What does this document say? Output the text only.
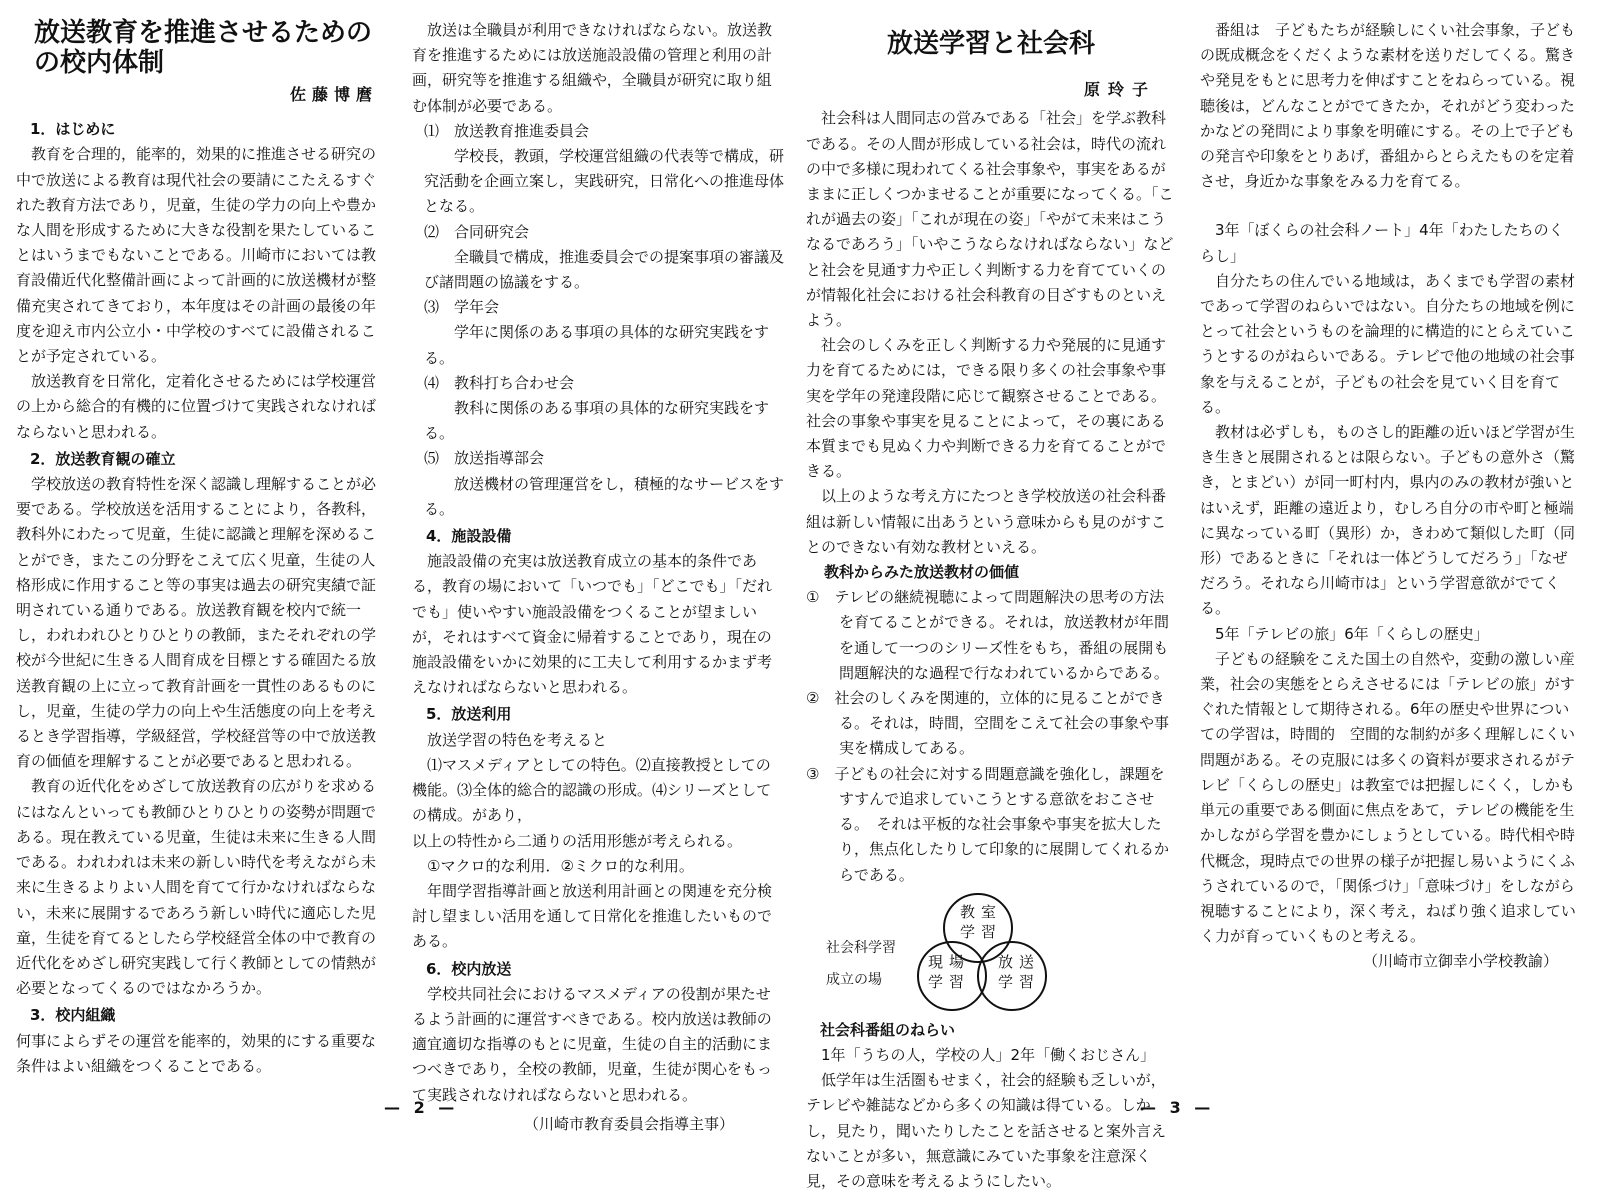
放送教育を推進させるための
の校内体制
佐藤博麿
1．はじめに

教育を合理的，能率的，効果的に推進させる研究の中で放送による教育は現代社会の要請にこたえるすぐれた教育方法であり，児童，生徒の学力の向上や豊かな人間を形成するために大きな役割を果たしていることはいうまでもないことである。川崎市においては教育設備近代化整備計画によって計画的に放送機材が整備充実されてきており，本年度はその計画の最後の年度を迎え市内公立小・中学校のすべてに設備されることが予定されている。

放送教育を日常化，定着化させるためには学校運営の上から総合的有機的に位置づけて実践されなければならないと思われる。

2．放送教育観の確立

学校放送の教育特性を深く認識し理解することが必要である。学校放送を活用することにより，各教科，教科外にわたって児童，生徒に認識と理解を深めることができ，またこの分野をこえて広く児童，生徒の人格形成に作用すること等の事実は過去の研究実績で証明されている通りである。放送教育観を校内で統一し，われわれひとりひとりの教師，またそれぞれの学校が今世紀に生きる人間育成を目標とする確固たる放送教育観の上に立って教育計画を一貫性のあるものにし，児童，生徒の学力の向上や生活態度の向上を考えるとき学習指導，学級経営，学校経営等の中で放送教育の価値を理解することが必要であると思われる。

教育の近代化をめざして放送教育の広がりを求めるにはなんといっても教師ひとりひとりの姿勢が問題である。現在教えている児童，生徒は未来に生きる人間である。われわれは未来の新しい時代を考えながら未来に生きるよりよい人間を育てて行かなければならない，未来に展開するであろう新しい時代に適応した児童，生徒を育てるとしたら学校経営全体の中で教育の近代化をめざし研究実践して行く教師としての情熱が必要となってくるのではなかろうか。

3．校内組織

何事によらずその運営を能率的，効果的にする重要な条件はよい組織をつくることである。

放送は全職員が利用できなければならない。放送教育を推進するためには放送施設設備の管理と利用の計画，研究等を推進する組織や，全職員が研究に取り組む体制が必要である。

⑴　放送教育推進委員会

学校長，教頭，学校運営組織の代表等で構成，研究活動を企画立案し，実践研究，日常化への推進母体となる。

⑵　合同研究会

全職員で構成，推進委員会での提案事項の審議及び諸問題の協議をする。

⑶　学年会

学年に関係のある事項の具体的な研究実践をする。

⑷　教科打ち合わせ会

教科に関係のある事項の具体的な研究実践をする。

⑸　放送指導部会

放送機材の管理運営をし，積極的なサービスをする。

4．施設設備

施設設備の充実は放送教育成立の基本的条件である，教育の場において「いつでも」「どこでも」「だれでも」使いやすい施設設備をつくることが望ましいが，それはすべて資金に帰着することであり，現在の施設設備をいかに効果的に工夫して利用するかまず考えなければならないと思われる。

5．放送利用

放送学習の特色を考えると

⑴マスメディアとしての特色。⑵直接教授としての機能。⑶全体的総合的認識の形成。⑷シリーズとしての構成。があり，

以上の特性から二通りの活用形態が考えられる。

①マクロ的な利用．②ミクロ的な利用。

年間学習指導計画と放送利用計画との関連を充分検討し望ましい活用を通して日常化を推進したいものである。

6．校内放送

学校共同社会におけるマスメディアの役割が果たせるよう計画的に運営すべきである。校内放送は教師の適宜適切な指導のもとに児童，生徒の自主的活動にまつべきであり，全校の教師，児童，生徒が関心をもって実践されなければならないと思われる。

（川崎市教育委員会指導主事）
— 2 —
放送学習と社会科
原玲子

社会科は人間同志の営みである「社会」を学ぶ教科である。その人間が形成している社会は，時代の流れの中で多様に現われてくる社会事象や，事実をあるがままに正しくつかませることが重要になってくる。「これが過去の姿」「これが現在の姿」「やがて未来はこうなるであろう」「いやこうならなければならない」などと社会を見通す力や正しく判断する力を育てていくのが情報化社会における社会科教育の目ざすものといえよう。

社会のしくみを正しく判断する力や発展的に見通す力を育てるためには，できる限り多くの社会事象や事実を学年の発達段階に応じて観察させることである。社会の事象や事実を見ることによって，その裏にある本質までも見ぬく力や判断できる力を育てることができる。

以上のような考え方にたつとき学校放送の社会科番組は新しい情報に出あうという意味からも見のがすことのできない有効な教材といえる。

教科からみた放送教材の価値

①　テレビの継続視聴によって問題解決の思考の方法を育てることができる。それは，放送教材が年間を通して一つのシリーズ性をもち，番組の展開も問題解決的な過程で行なわれているからである。

②　社会のしくみを関連的，立体的に見ることができる。それは，時間，空間をこえて社会の事象や事実を構成してある。

③　子どもの社会に対する問題意識を強化し，課題をすすんで追求していこうとする意欲をおこさせる。　それは平板的な社会事象や事実を拡大したり，焦点化したりして印象的に展開してくれるからである。

社会科学習
成立の場
教室学習
現場学習
放送学習
社会科番組のねらい

1年「うちの人，学校の人」2年「働くおじさん」

低学年は生活圏もせまく，社会的経験も乏しいが，テレビや雑誌などから多くの知識は得ている。しかし，見たり，聞いたりしたことを話させると案外言えないことが多い，無意識にみていた事象を注意深く見，その意味を考えるようにしたい。

番組は　子どもたちが経験しにくい社会事象，子どもの既成概念をくだくような素材を送りだしてくる。驚きや発見をもとに思考力を伸ばすことをねらっている。視聴後は，どんなことがでてきたか，それがどう変わったかなどの発問により事象を明確にする。その上で子どもの発言や印象をとりあげ，番組からとらえたものを定着させ，身近かな事象をみる力を育てる。

3年「ぼくらの社会科ノート」4年「わたしたちのくらし」

自分たちの住んでいる地域は，あくまでも学習の素材であって学習のねらいではない。自分たちの地域を例にとって社会というものを論理的に構造的にとらえていこうとするのがねらいである。テレビで他の地域の社会事象を与えることが，子どもの社会を見ていく目を育てる。

教材は必ずしも，ものさし的距離の近いほど学習が生き生きと展開されるとは限らない。子どもの意外さ（驚き，とまどい）が同一町村内，県内のみの教材が強いとはいえず，距離の遠近より，むしろ自分の市や町と極端に異なっている町（異形）か，きわめて類似した町（同形）であるときに「それは一体どうしてだろう」「なぜだろう。それなら川崎市は」という学習意欲がでてくる。

5年「テレビの旅」6年「くらしの歴史」

子どもの経験をこえた国土の自然や，変動の激しい産業，社会の実態をとらえさせるには「テレビの旅」がすぐれた情報として期待される。6年の歴史や世界についての学習は，時間的　空間的な制約が多く理解しにくい問題がある。その克服には多くの資料が要求されるがテレビ「くらしの歴史」は教室では把握しにくく，しかも単元の重要である側面に焦点をあて，テレビの機能を生かしながら学習を豊かにしょうとしている。時代相や時代概念，現時点での世界の様子が把握し易いようにくふうされているので，「関係づけ」「意味づけ」をしながら視聴することにより，深く考え，ねばり強く追求していく力が育っていくものと考える。

（川崎市立御幸小学校教諭）
— 3 —
